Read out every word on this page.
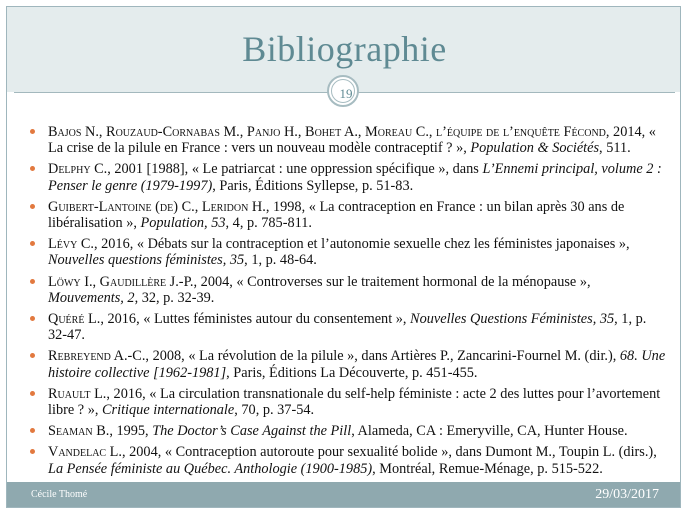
Bibliographie
19
Bajos N., Rouzaud-Cornabas M., Panjo H., Bohet A., Moreau C., l’équipe de l’enquête Fécond, 2014, « La crise de la pilule en France : vers un nouveau modèle contraceptif ? », Population & Sociétés, 511.
Delphy C., 2001 [1988], « Le patriarcat : une oppression spécifique », dans L’Ennemi principal, volume 2 : Penser le genre (1979-1997), Paris, Éditions Syllepse, p. 51-83.
Guibert-Lantoine (de) C., Leridon H., 1998, « La contraception en France : un bilan après 30 ans de libéralisation », Population, 53, 4, p. 785-811.
Lévy C., 2016, « Débats sur la contraception et l’autonomie sexuelle chez les féministes japonaises », Nouvelles questions féministes, 35, 1, p. 48-64.
Löwy I., Gaudillère J.-P., 2004, « Controverses sur le traitement hormonal de la ménopause », Mouvements, 2, 32, p. 32-39.
Quéré L., 2016, « Luttes féministes autour du consentement », Nouvelles Questions Féministes, 35, 1, p. 32-47.
Rebreyend A.-C., 2008, « La révolution de la pilule », dans Artières P., Zancarini-Fournel M. (dir.), 68. Une histoire collective [1962-1981], Paris, Éditions La Découverte, p. 451-455.
Ruault L., 2016, « La circulation transnationale du self-help féministe : acte 2 des luttes pour l’avortement libre ? », Critique internationale, 70, p. 37-54.
Seaman B., 1995, The Doctor’s Case Against the Pill, Alameda, CA : Emeryville, CA, Hunter House.
Vandelac L., 2004, « Contraception autoroute pour sexualité bolide », dans Dumont M., Toupin L. (dirs.), La Pensée féministe au Québec. Anthologie (1900-1985), Montréal, Remue-Ménage, p. 515-522.
Cécile Thomé	29/03/2017
